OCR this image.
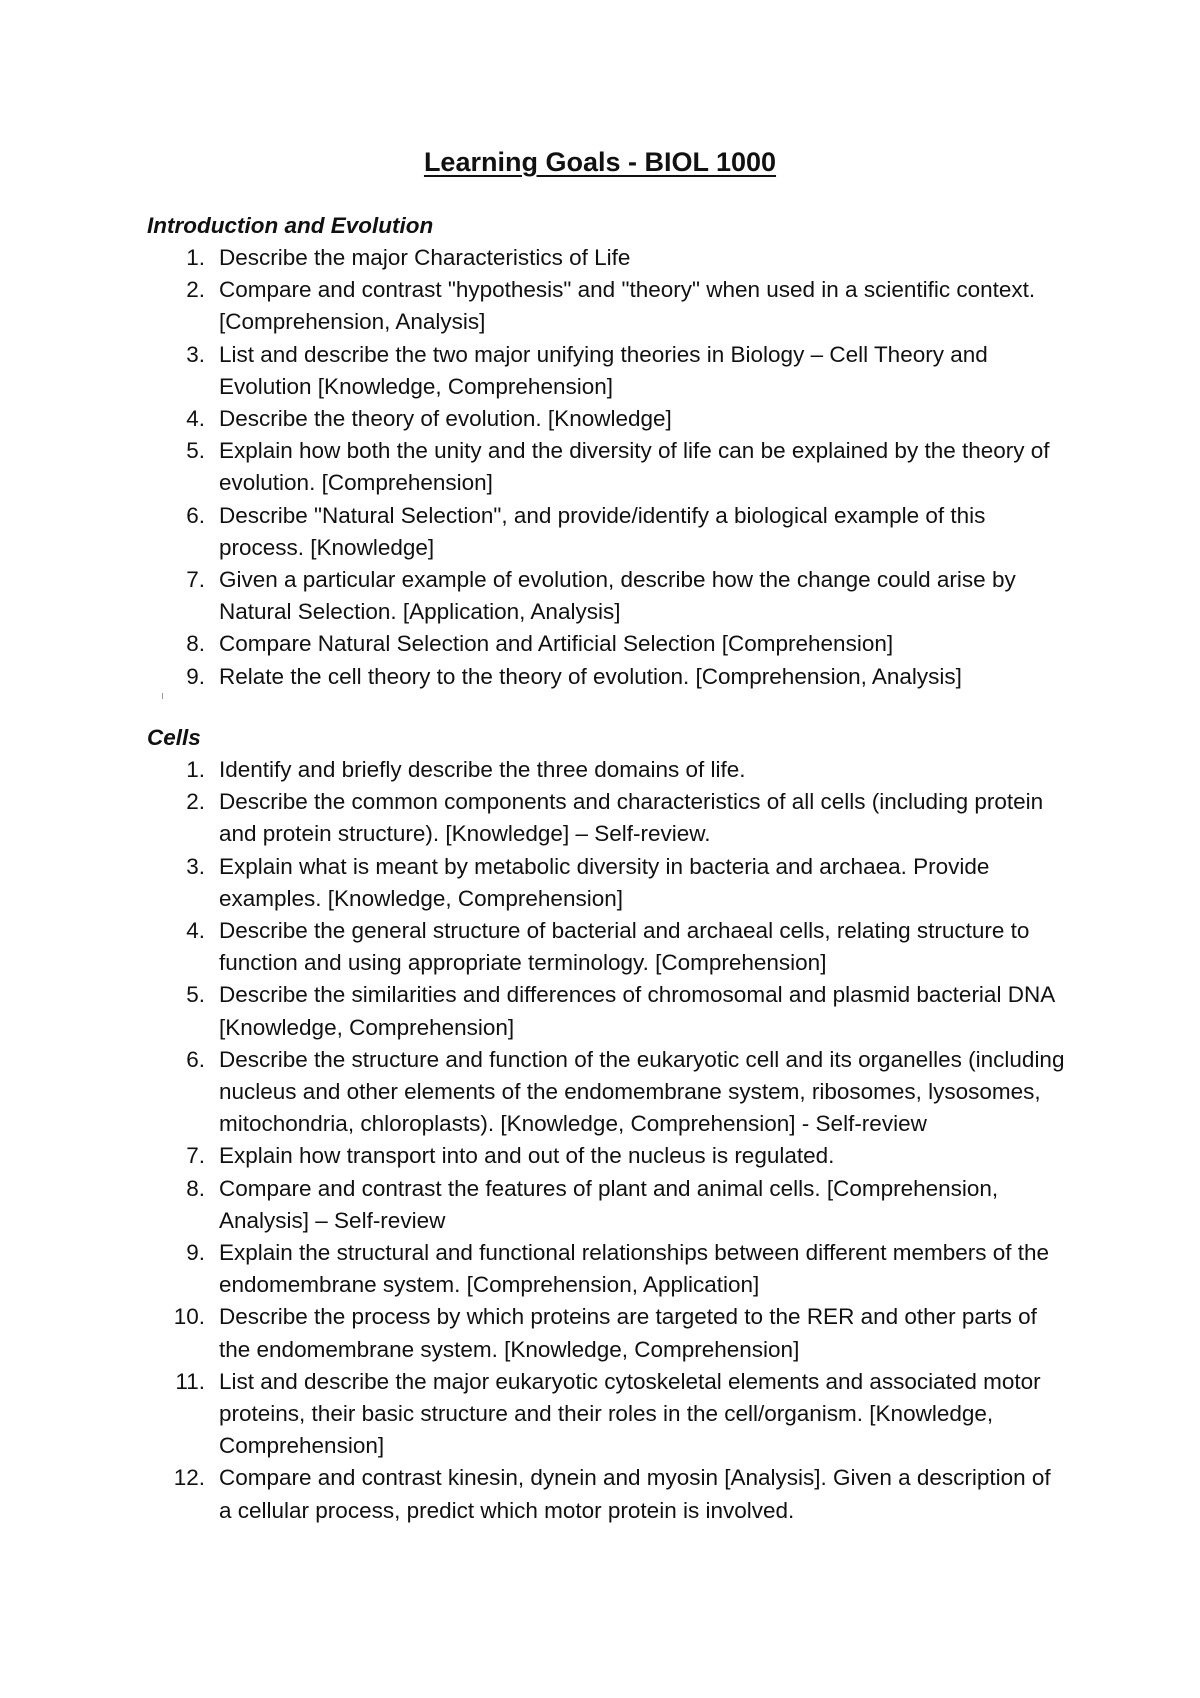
Learning Goals - BIOL 1000
Introduction and Evolution
1. Describe the major Characteristics of Life
2. Compare and contrast "hypothesis" and "theory" when used in a scientific context. [Comprehension, Analysis]
3. List and describe the two major unifying theories in Biology – Cell Theory and Evolution [Knowledge, Comprehension]
4. Describe the theory of evolution. [Knowledge]
5. Explain how both the unity and the diversity of life can be explained by the theory of evolution. [Comprehension]
6. Describe "Natural Selection", and provide/identify a biological example of this process. [Knowledge]
7. Given a particular example of evolution, describe how the change could arise by Natural Selection. [Application, Analysis]
8. Compare Natural Selection and Artificial Selection [Comprehension]
9. Relate the cell theory to the theory of evolution. [Comprehension, Analysis]
Cells
1. Identify and briefly describe the three domains of life.
2. Describe the common components and characteristics of all cells (including protein and protein structure). [Knowledge] – Self-review.
3. Explain what is meant by metabolic diversity in bacteria and archaea. Provide examples. [Knowledge, Comprehension]
4. Describe the general structure of bacterial and archaeal cells, relating structure to function and using appropriate terminology. [Comprehension]
5. Describe the similarities and differences of chromosomal and plasmid bacterial DNA [Knowledge, Comprehension]
6. Describe the structure and function of the eukaryotic cell and its organelles (including nucleus and other elements of the endomembrane system, ribosomes, lysosomes, mitochondria, chloroplasts). [Knowledge, Comprehension] - Self-review
7. Explain how transport into and out of the nucleus is regulated.
8. Compare and contrast the features of plant and animal cells. [Comprehension, Analysis] – Self-review
9. Explain the structural and functional relationships between different members of the endomembrane system. [Comprehension, Application]
10. Describe the process by which proteins are targeted to the RER and other parts of the endomembrane system. [Knowledge, Comprehension]
11. List and describe the major eukaryotic cytoskeletal elements and associated motor proteins, their basic structure and their roles in the cell/organism. [Knowledge, Comprehension]
12. Compare and contrast kinesin, dynein and myosin [Analysis]. Given a description of a cellular process, predict which motor protein is involved.
